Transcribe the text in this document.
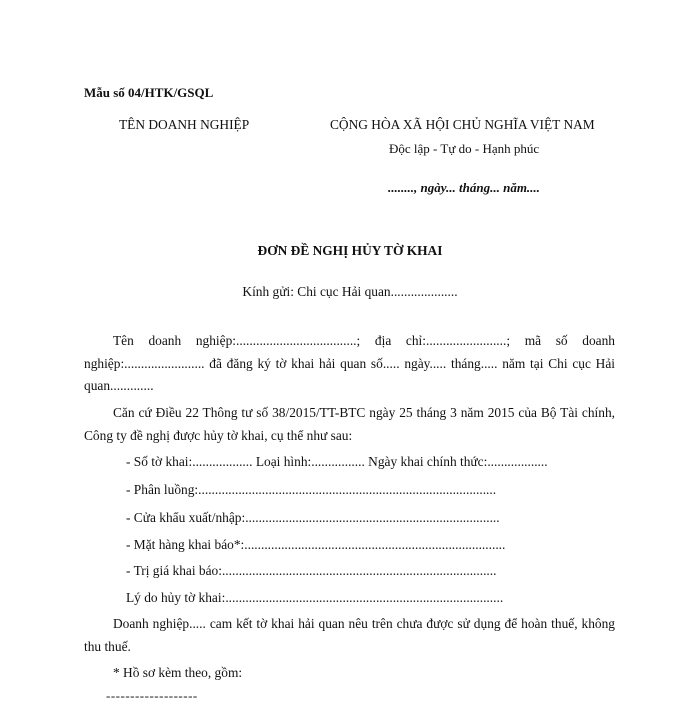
Mẫu số 04/HTK/GSQL
TÊN DOANH NGHIỆP	CỘNG HÒA XÃ HỘI CHỦ NGHĨA VIỆT NAM
Độc lập - Tự do - Hạnh phúc
........, ngày... tháng... năm....
ĐƠN ĐỀ NGHỊ HỦY TỜ KHAI
Kính gửi: Chi cục Hải quan....................
Tên doanh nghiệp:....................................; địa chỉ:........................; mã số doanh nghiệp:........................ đã đăng ký tờ khai hải quan số..... ngày..... tháng..... năm tại Chi cục Hải quan.............
Căn cứ Điều 22 Thông tư số 38/2015/TT-BTC ngày 25 tháng 3 năm 2015 của Bộ Tài chính, Công ty đề nghị được hủy tờ khai, cụ thể như sau:
- Số tờ khai:.................. Loại hình:................ Ngày khai chính thức:..................
- Phân luồng:.........................................................................................
- Cửa khẩu xuất/nhập:............................................................................
- Mặt hàng khai báo*:..............................................................................
- Trị giá khai báo:..................................................................................
Lý do hủy tờ khai:...................................................................................
Doanh nghiệp..... cam kết tờ khai hải quan nêu trên chưa được sử dụng để hoàn thuế, không thu thuế.
* Hồ sơ kèm theo, gồm:
-------------------
